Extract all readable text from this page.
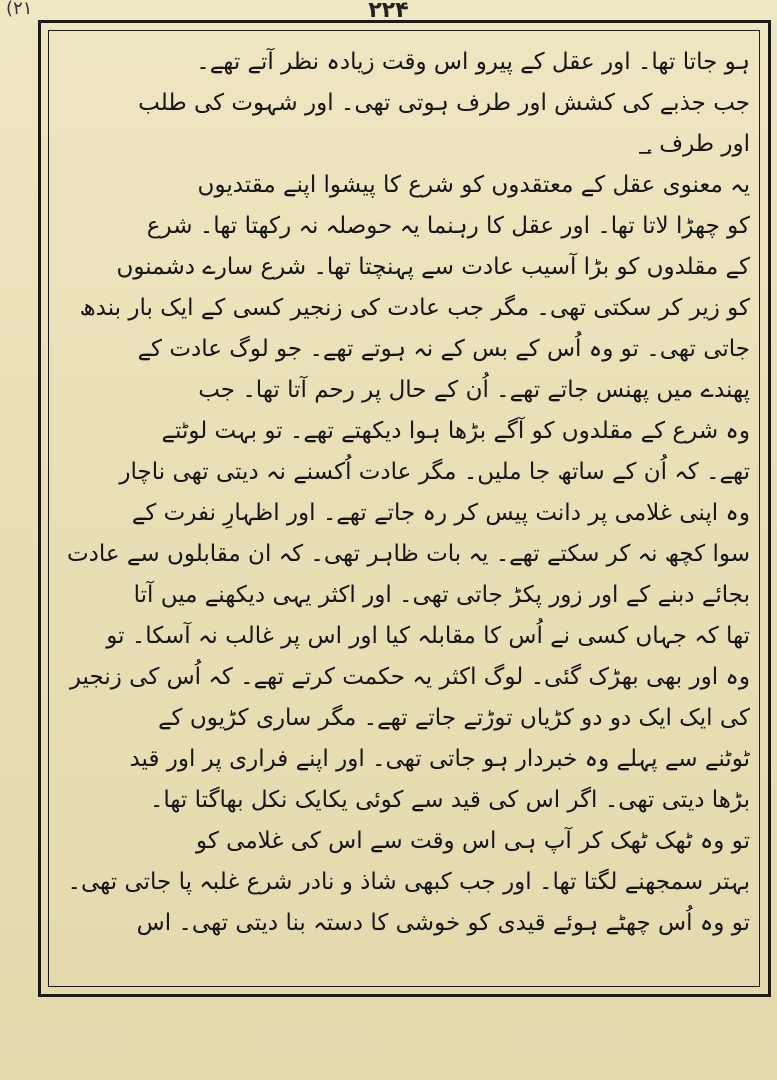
(۲۱	۲۲۴
ہو جاتا تھا۔ اور عقل کے پیرو اس وقت زیادہ نظر آتے تھے۔
جب جذبے کی کشش اور طرف ہوتی تھی۔ اور شہوت کی طلب
اور طرف ؀
یہ معنوی عقل کے معتقدوں کو شرع کا پیشوا اپنے مقتدیوں
کو چھڑا لاتا تھا۔ اور عقل کا رہنما یہ حوصلہ نہ رکھتا تھا۔ شرع
کے مقلدوں کو بڑا آسیب عادت سے پہنچتا تھا۔ شرع سارے دشمنوں
کو زیر کر سکتی تھی۔ مگر جب عادت کی زنجیر کسی کے ایک بار بندھ
جاتی تھی۔ تو وہ اُس کے بس کے نہ ہوتے تھے۔ جو لوگ عادت کے
پھندے میں پھنس جاتے تھے۔ اُن کے حال پر رحم آتا تھا۔ جب
وہ شرع کے مقلدوں کو آگے بڑھا ہوا دیکھتے تھے۔ تو بہت لوٹتے
تھے۔ کہ اُن کے ساتھ جا ملیں۔ مگر عادت اُکسنے نہ دیتی تھی ناچار
وہ اپنی غلامی پر دانت پیس کر رہ جاتے تھے۔ اور اظہارِ نفرت کے
سوا کچھ نہ کر سکتے تھے۔ یہ بات ظاہر تھی۔ کہ ان مقابلوں سے عادت
بجائے دبنے کے اور زور پکڑ جاتی تھی۔ اور اکثر یہی دیکھنے میں آتا
تھا کہ جہاں کسی نے اُس کا مقابلہ کیا اور اس پر غالب نہ آسکا۔ تو
وہ اور بھی بھڑک گئی۔ لوگ اکثر یہ حکمت کرتے تھے۔ کہ اُس کی زنجیر
کی ایک ایک دو دو کڑیاں توڑتے جاتے تھے۔ مگر ساری کڑیوں کے
ٹوٹنے سے پہلے وہ خبردار ہو جاتی تھی۔ اور اپنے فراری پر اور قید
بڑھا دیتی تھی۔ اگر اس کی قید سے کوئی یکایک نکل بھاگتا تھا۔
تو وہ ٹھک ٹھک کر آپ ہی اس وقت سے اس کی غلامی کو
بہتر سمجھنے لگتا تھا۔ اور جب کبھی شاذ و نادر شرع غلبہ پا جاتی تھی۔
تو وہ اُس چھٹے ہوئے قیدی کو خوشی کا دستہ بنا دیتی تھی۔ اس
